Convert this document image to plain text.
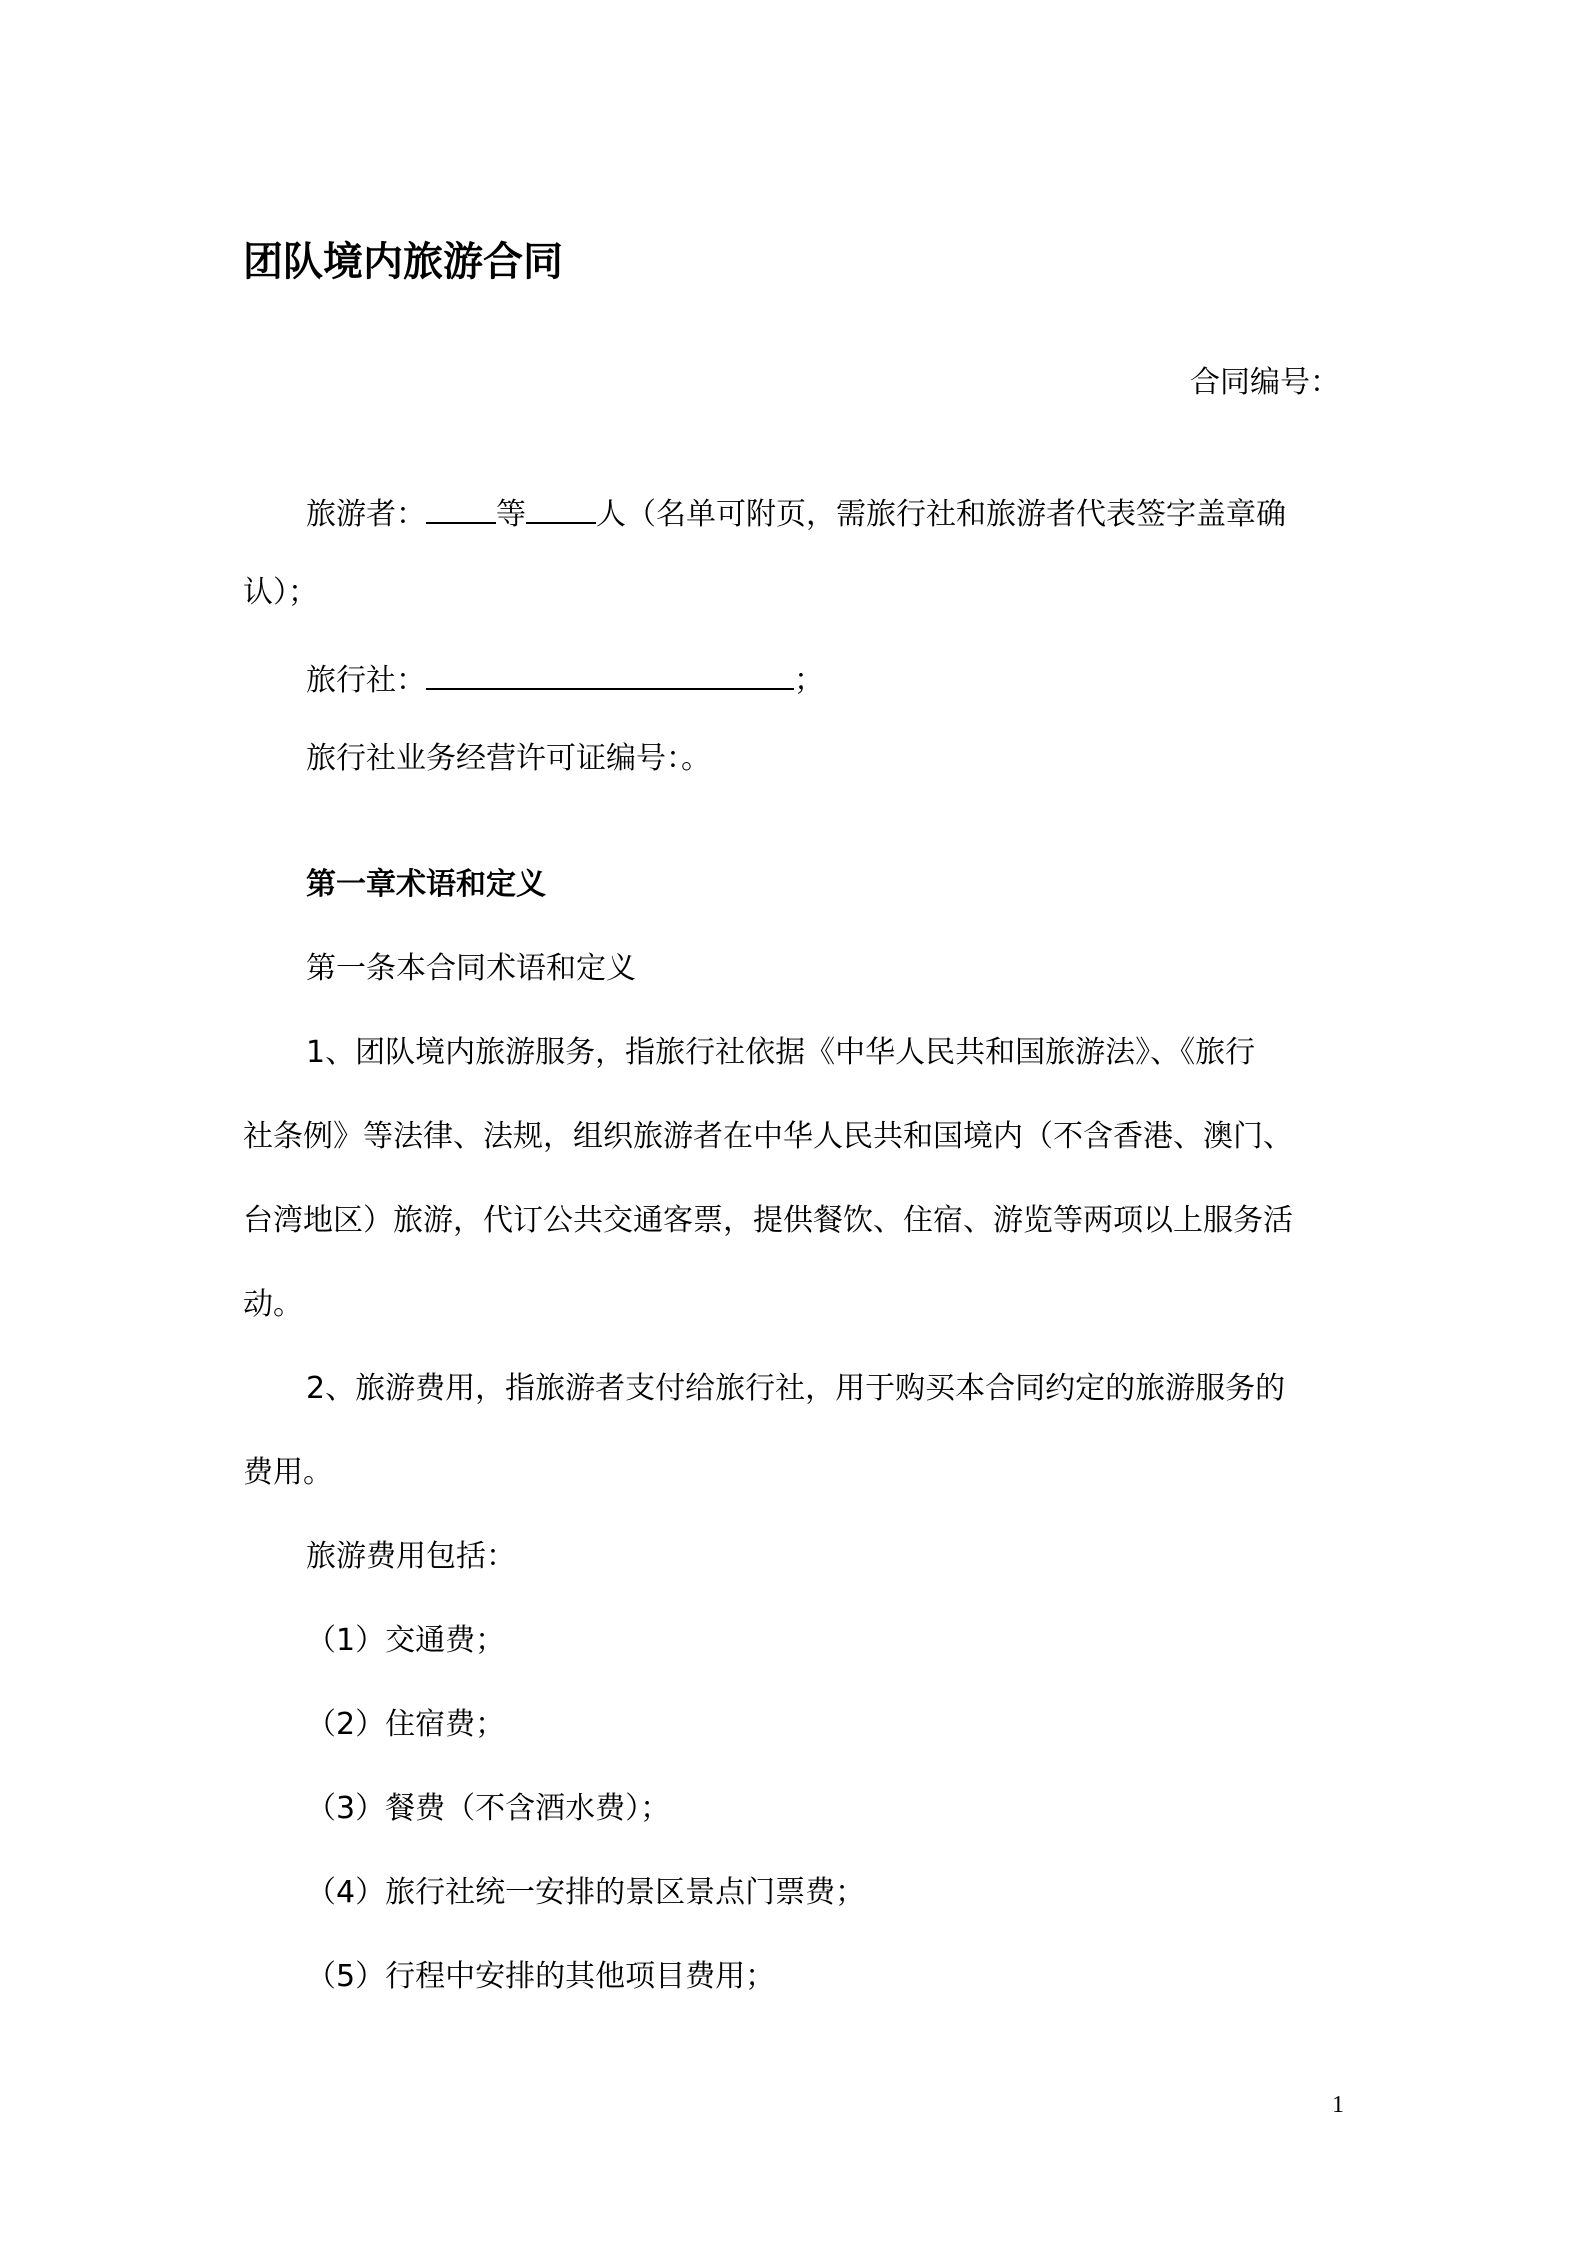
团队境内旅游合同
合同编号：
旅游者： 等 人（名单可附页，需旅行社和旅游者代表签字盖章确
认）；
旅行社：	；
旅行社业务经营许可证编号：。
第一章术语和定义
第一条本合同术语和定义
1、团队境内旅游服务，指旅行社依据《中华人民共和国旅游法》、《旅行
社条例》等法律、法规，组织旅游者在中华人民共和国境内（不含香港、澳门、
台湾地区）旅游，代订公共交通客票，提供餐饮、住宿、游览等两项以上服务活
动。
2、旅游费用，指旅游者支付给旅行社，用于购买本合同约定的旅游服务的
费用。
旅游费用包括：
（1）交通费；
（2）住宿费；
（3）餐费（不含酒水费）；
（4）旅行社统一安排的景区景点门票费；
（5）行程中安排的其他项目费用；
1
